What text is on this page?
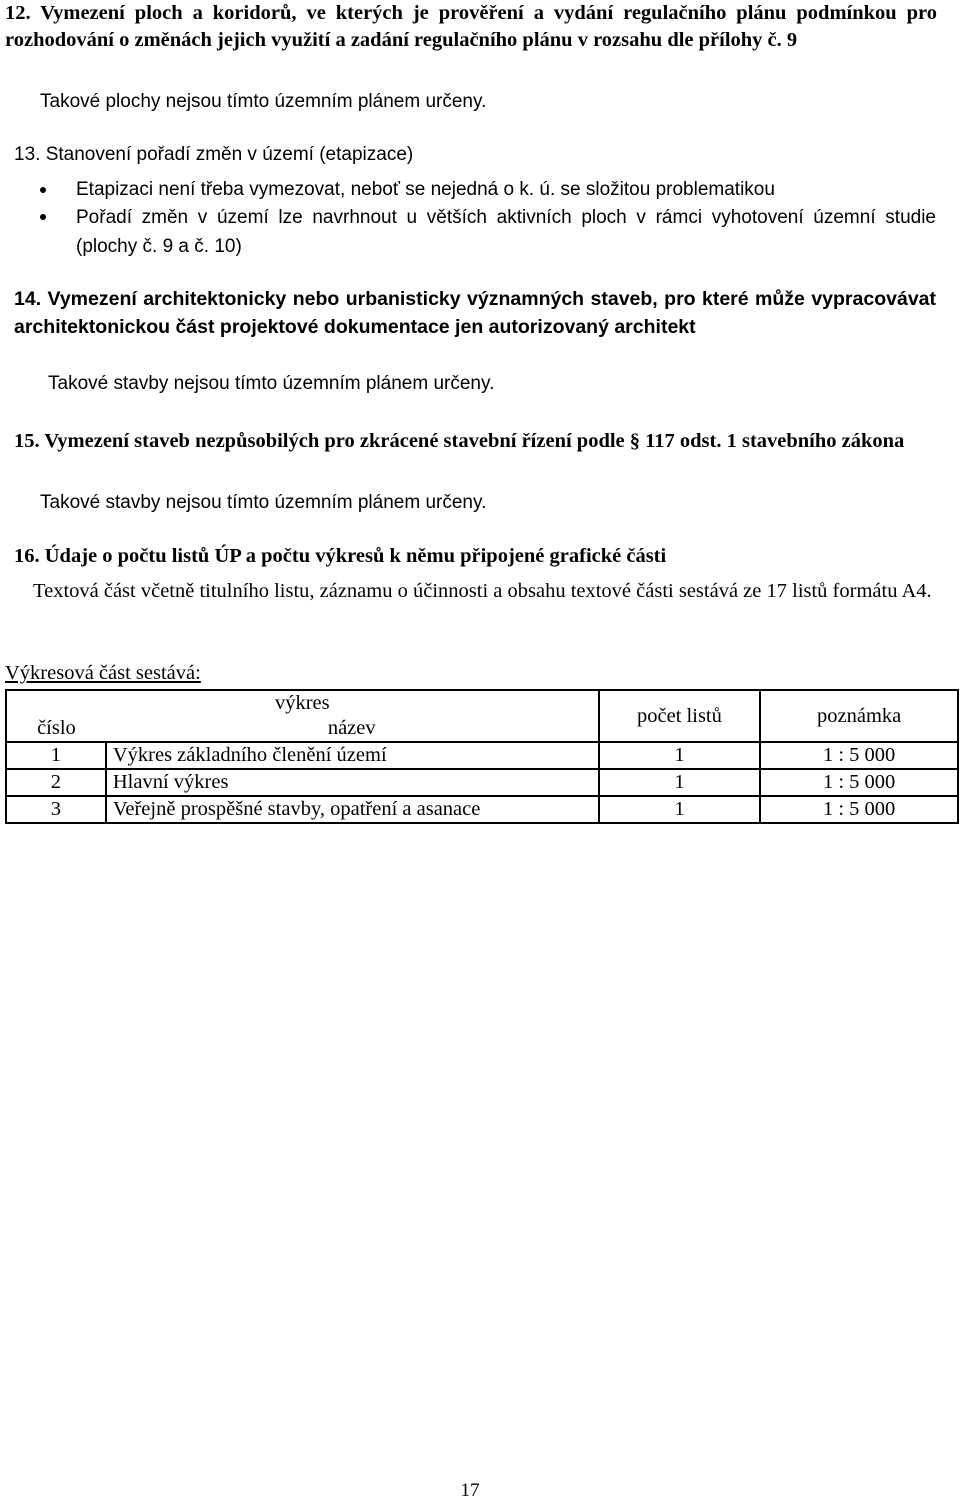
12. Vymezení ploch a koridorů, ve kterých je prověření a vydání regulačního plánu podmínkou pro rozhodování o změnách jejich využití a zadání regulačního plánu v rozsahu dle přílohy č. 9
Takové plochy nejsou tímto územním plánem určeny.
13. Stanovení pořadí změn v území (etapizace)
Etapizaci není třeba vymezovat, neboť se nejedná o k. ú. se složitou problematikou
Pořadí změn v území lze navrhnout u větších aktivních ploch v rámci vyhotovení územní studie (plochy č. 9 a č. 10)
14. Vymezení architektonicky nebo urbanisticky významných staveb, pro které může vypracovávat architektonickou část projektové dokumentace jen autorizovaný architekt
Takové stavby nejsou tímto územním plánem určeny.
15. Vymezení staveb nezpůsobilých pro zkrácené stavební řízení podle § 117 odst. 1 stavebního zákona
Takové stavby nejsou tímto územním plánem určeny.
16. Údaje o počtu listů ÚP a počtu výkresů k němu připojené grafické části
Textová část včetně titulního listu, záznamu o účinnosti a obsahu textové části sestává ze 17 listů formátu A4.
Výkresová část sestává:
výkres		počet listů	poznámka
číslo	název		
1	Výkres základního členění území	1	1 : 5 000
2	Hlavní výkres	1	1 : 5 000
3	Veřejně prospěšné stavby, opatření a asanace	1	1 : 5 000
17
